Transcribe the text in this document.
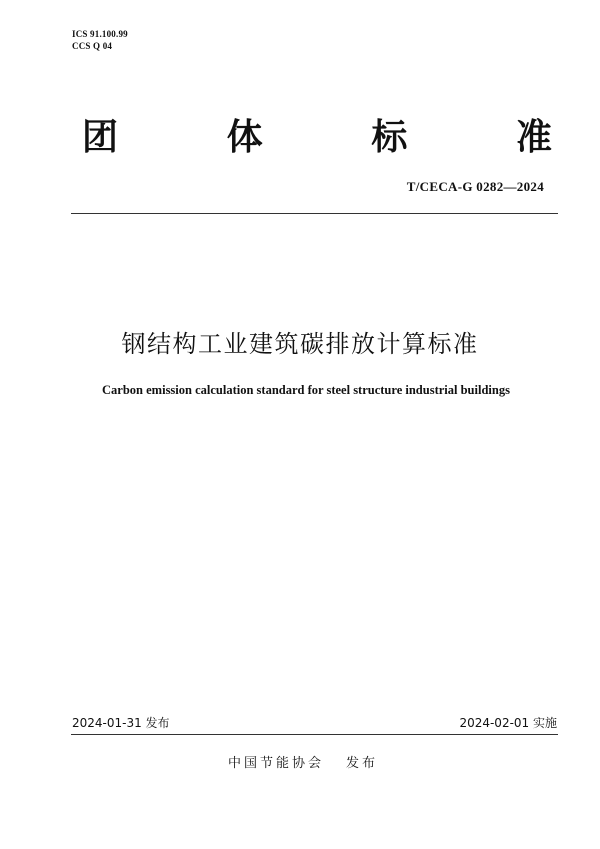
ICS 91.100.99
CCS Q 04
团	体	标	准
T/CECA-G 0282—2024
钢结构工业建筑碳排放计算标准
Carbon emission calculation standard for steel structure industrial buildings
2024-01-31 发布	2024-02-01 实施
中国节能协会 发布
